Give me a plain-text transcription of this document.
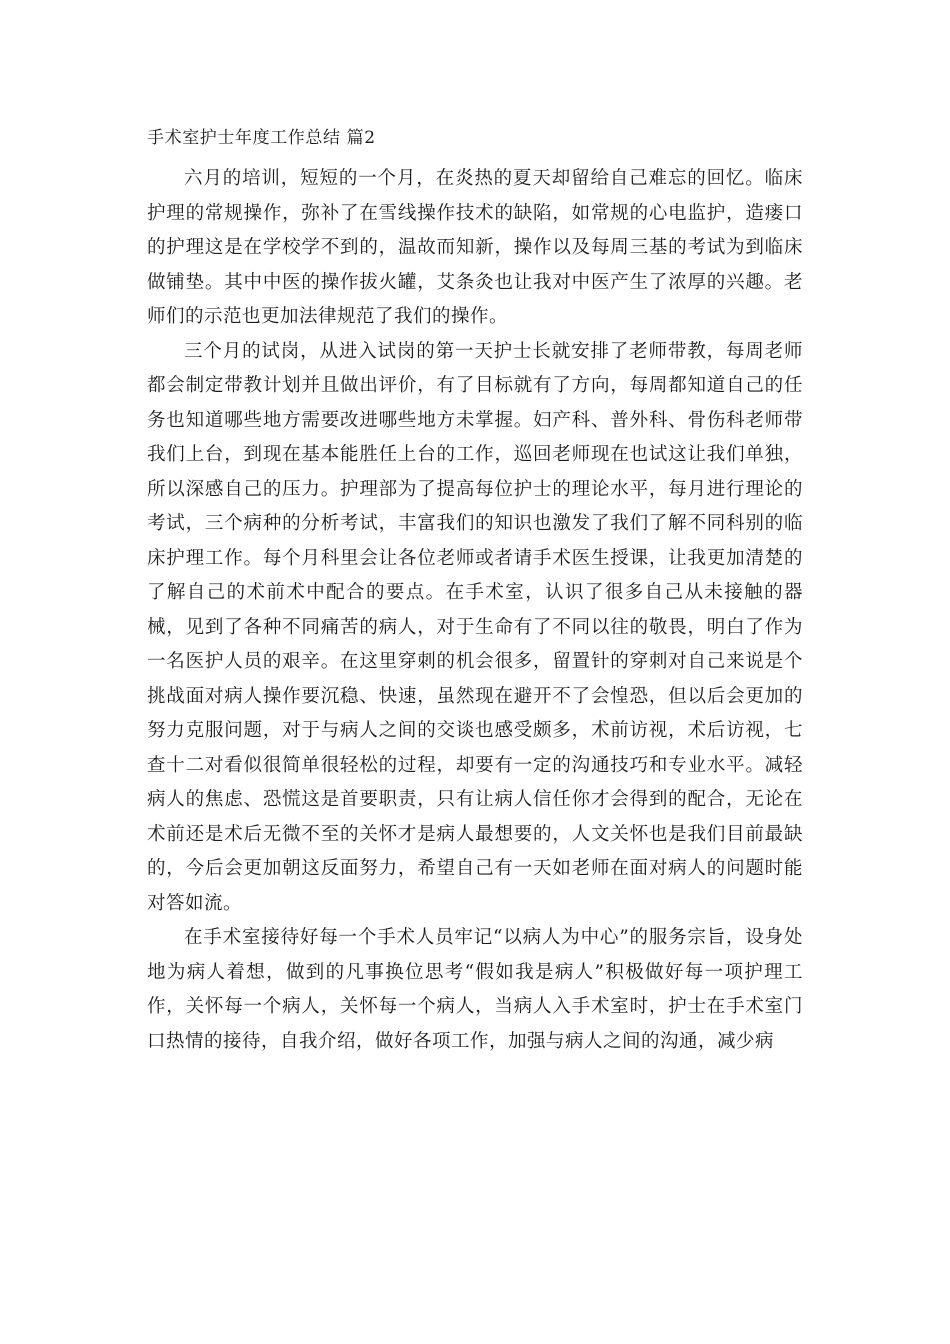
手术室护士年度工作总结 篇2

六月的培训，短短的一个月，在炎热的夏天却留给自己难忘的回忆。临床护理的常规操作，弥补了在雪线操作技术的缺陷，如常规的心电监护，造瘘口的护理这是在学校学不到的，温故而知新，操作以及每周三基的考试为到临床做铺垫。其中中医的操作拔火罐，艾条灸也让我对中医产生了浓厚的兴趣。老师们的示范也更加法律规范了我们的操作。

三个月的试岗，从进入试岗的第一天护士长就安排了老师带教，每周老师都会制定带教计划并且做出评价，有了目标就有了方向，每周都知道自己的任务也知道哪些地方需要改进哪些地方未掌握。妇产科、普外科、骨伤科老师带我们上台，到现在基本能胜任上台的工作，巡回老师现在也试这让我们单独，所以深感自己的压力。护理部为了提高每位护士的理论水平，每月进行理论的考试，三个病种的分析考试，丰富我们的知识也激发了我们了解不同科别的临床护理工作。每个月科里会让各位老师或者请手术医生授课，让我更加清楚的了解自己的术前术中配合的要点。在手术室，认识了很多自己从未接触的器械，见到了各种不同痛苦的病人，对于生命有了不同以往的敬畏，明白了作为一名医护人员的艰辛。在这里穿刺的机会很多，留置针的穿刺对自己来说是个挑战面对病人操作要沉稳、快速，虽然现在避开不了会惶恐，但以后会更加的努力克服问题，对于与病人之间的交谈也感受颇多，术前访视，术后访视，七查十二对看似很简单很轻松的过程，却要有一定的沟通技巧和专业水平。减轻病人的焦虑、恐慌这是首要职责，只有让病人信任你才会得到的配合，无论在术前还是术后无微不至的关怀才是病人最想要的，人文关怀也是我们目前最缺的，今后会更加朝这反面努力，希望自己有一天如老师在面对病人的问题时能对答如流。

在手术室接待好每一个手术人员牢记“以病人为中心”的服务宗旨，设身处地为病人着想，做到的凡事换位思考“假如我是病人”积极做好每一项护理工作，关怀每一个病人，关怀每一个病人，当病人入手术室时，护士在手术室门口热情的接待，自我介绍，做好各项工作，加强与病人之间的沟通，减少病
